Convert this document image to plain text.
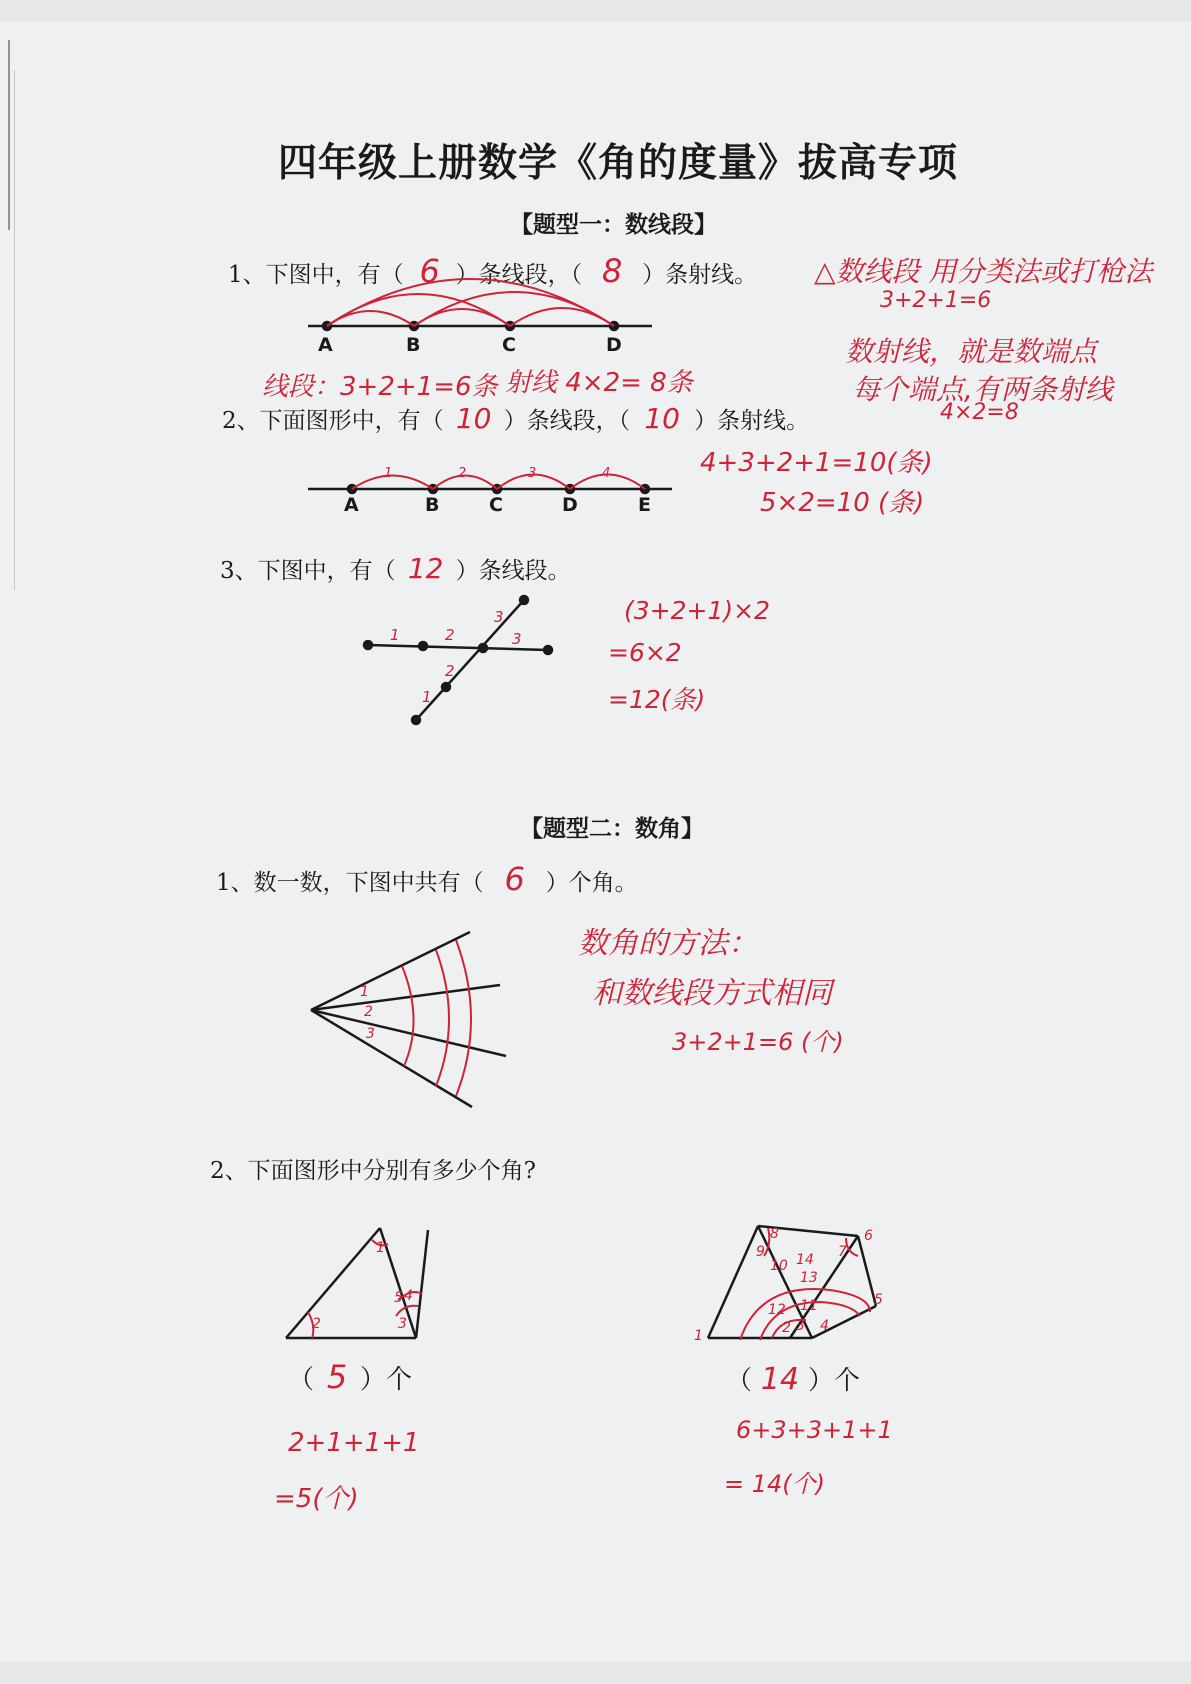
四年级上册数学《角的度量》拔高专项
【题型一：数线段】
1、下图中，有（ 6 ）条线段，（ 8 ）条射线。 △数线段 用分类法或打枪法
3+2+1=6
数射线，就是数端点
每个端点,有两条射线
4×2=8
A	B	C	D
线段：3+2+1=6条 射线 4×2= 8条
2、下面图形中，有（ 10 ）条线段，（ 10 ）条射线。
A	B	C	D	E
1	2	3	4	4+3+2+1=10(条)
5×2=10 (条)
3、下图中，有（ 12 ）条线段。
1	2	3
1
2
3	(3+2+1)×2
=6×2
=12(条)
【题型二：数角】
1、数一数，下图中共有（ 6 ）个角。
1
2
3
数角的方法：
和数线段方式相同
3+2+1=6 (个)
2、下面图形中分别有多少个角?
1
2	3
4
5
（ 5 ）个
2+1+1+1
=5(个)
1	2 3 4
5
6
7
8
9
10
11
12
13
14
（ 14 ）个
6+3+3+1+1
= 14(个)
